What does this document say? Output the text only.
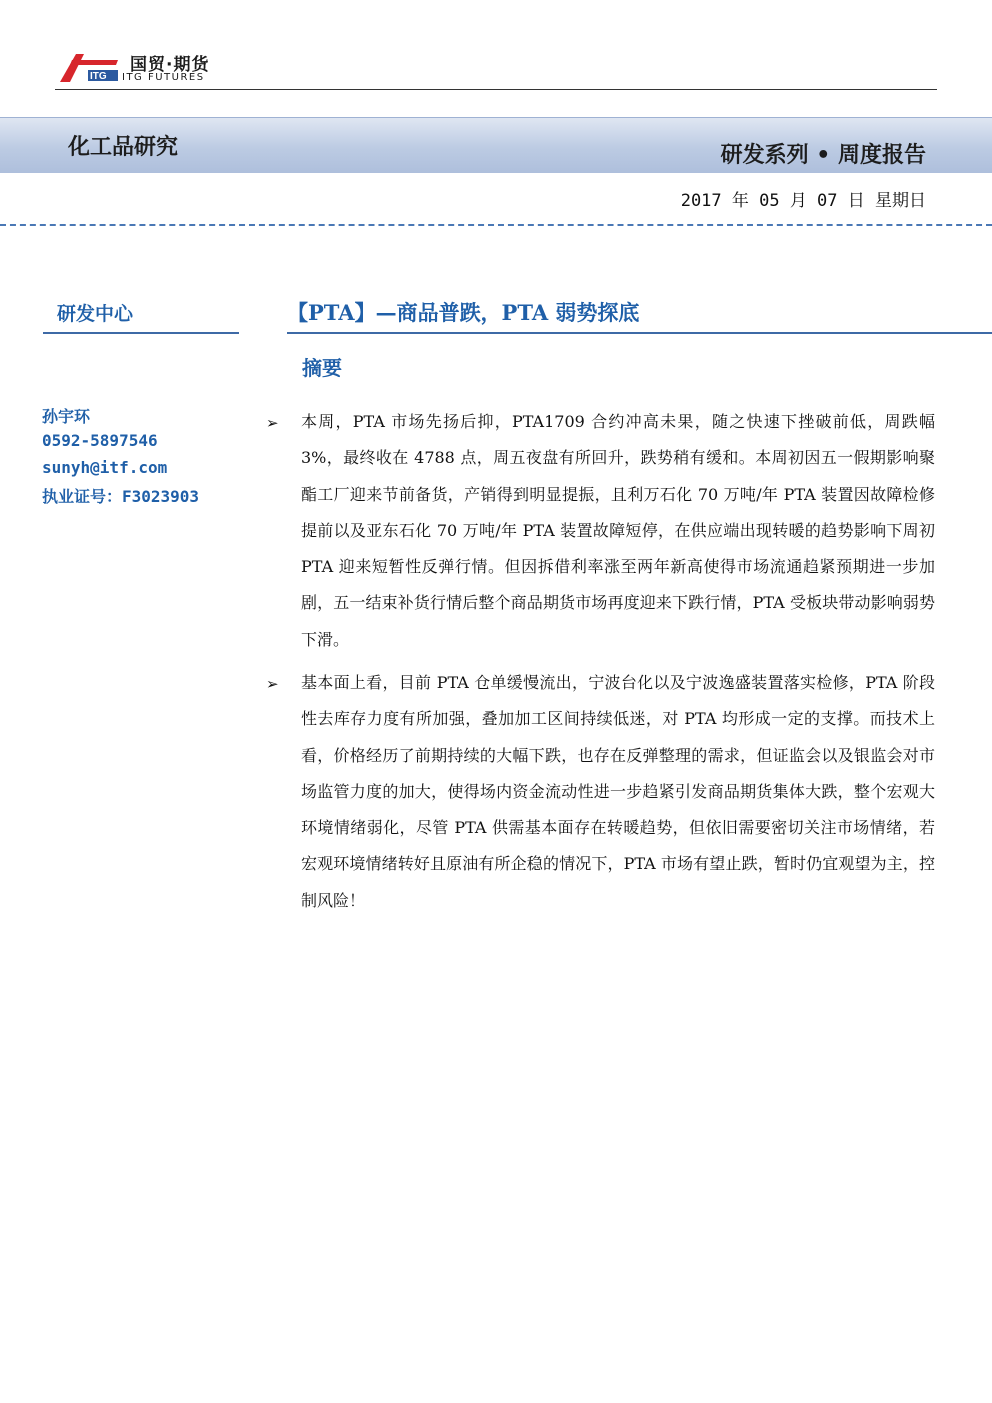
ITG
国贸·期货
ITG FUTURES
化工品研究	研发系列 • 周度报告
2017 年 05 月 07 日 星期日
研发中心
孙宇环
0592-5897546
sunyh@itf.com
执业证号：F3023903
【PTA】—商品普跌，PTA 弱势探底
摘要
➢ 本周，PTA 市场先扬后抑，PTA1709 合约冲高未果，随之快速下挫破前低，周跌幅 3%，最终收在 4788 点，周五夜盘有所回升，跌势稍有缓和。本周初因五一假期影响聚酯工厂迎来节前备货，产销得到明显提振，且利万石化 70 万吨/年 PTA 装置因故障检修提前以及亚东石化 70 万吨/年 PTA 装置故障短停，在供应端出现转暖的趋势影响下周初 PTA 迎来短暂性反弹行情。但因拆借利率涨至两年新高使得市场流通趋紧预期进一步加剧，五一结束补货行情后整个商品期货市场再度迎来下跌行情，PTA 受板块带动影响弱势下滑。
➢ 基本面上看，目前 PTA 仓单缓慢流出，宁波台化以及宁波逸盛装置落实检修，PTA 阶段性去库存力度有所加强，叠加加工区间持续低迷，对 PTA 均形成一定的支撑。而技术上看，价格经历了前期持续的大幅下跌，也存在反弹整理的需求，但证监会以及银监会对市场监管力度的加大，使得场内资金流动性进一步趋紧引发商品期货集体大跌，整个宏观大环境情绪弱化，尽管 PTA 供需基本面存在转暖趋势，但依旧需要密切关注市场情绪，若宏观环境情绪转好且原油有所企稳的情况下，PTA 市场有望止跌，暂时仍宜观望为主，控制风险！
